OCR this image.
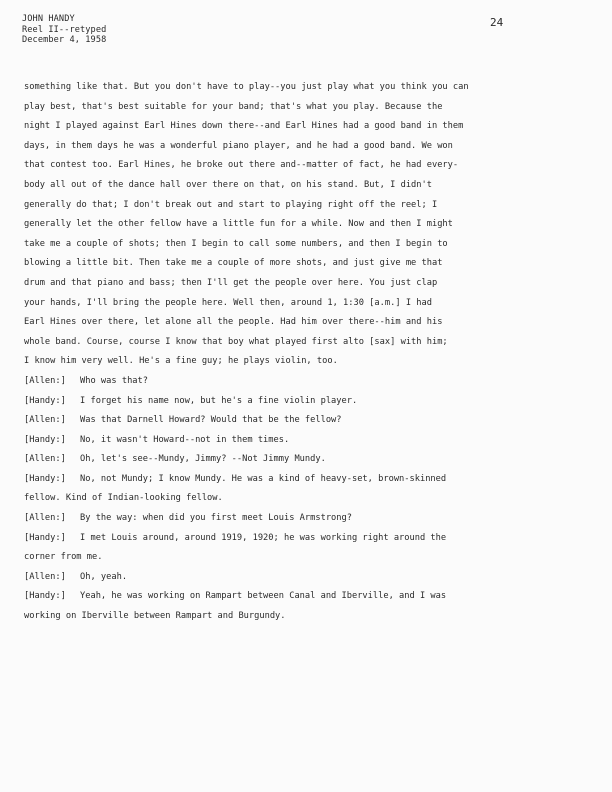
JOHN HANDY
Reel II--retyped
December 4, 1958
24
something like that. But you don't have to play--you just play what you think you can
play best, that's best suitable for your band; that's what you play. Because the
night I played against Earl Hines down there--and Earl Hines had a good band in them
days, in them days he was a wonderful piano player, and he had a good band. We won
that contest too. Earl Hines, he broke out there and--matter of fact, he had every-
body all out of the dance hall over there on that, on his stand. But, I didn't
generally do that; I don't break out and start to playing right off the reel; I
generally let the other fellow have a little fun for a while. Now and then I might
take me a couple of shots; then I begin to call some numbers, and then I begin to
blowing a little bit. Then take me a couple of more shots, and just give me that
drum and that piano and bass; then I'll get the people over here. You just clap
your hands, I'll bring the people here. Well then, around 1, 1:30 [a.m.] I had
Earl Hines over there, let alone all the people. Had him over there--him and his
whole band. Course, course I know that boy what played first alto [sax] with him;
I know him very well. He's a fine guy; he plays violin, too.
[Allen:] Who was that?
[Handy:] I forget his name now, but he's a fine violin player.
[Allen:] Was that Darnell Howard? Would that be the fellow?
[Handy:] No, it wasn't Howard--not in them times.
[Allen:] Oh, let's see--Mundy, Jimmy? --Not Jimmy Mundy.
[Handy:] No, not Mundy; I know Mundy. He was a kind of heavy-set, brown-skinned
fellow. Kind of Indian-looking fellow.
[Allen:] By the way: when did you first meet Louis Armstrong?
[Handy:] I met Louis around, around 1919, 1920; he was working right around the
corner from me.
[Allen:] Oh, yeah.
[Handy:] Yeah, he was working on Rampart between Canal and Iberville, and I was
working on Iberville between Rampart and Burgundy.
